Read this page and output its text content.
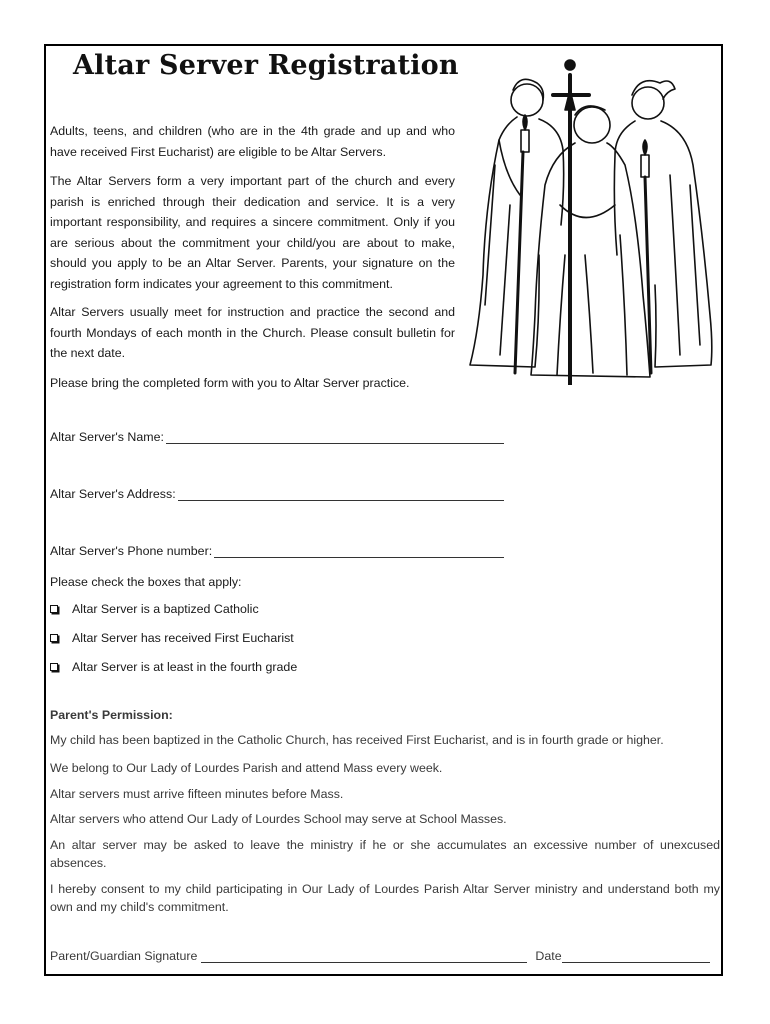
Altar Server Registration

Adults, teens, and children (who are in the 4th grade and up and who have received First Eucharist) are eligible to be Altar Servers.

The Altar Servers form a very important part of the church and every parish is enriched through their dedication and service. It is a very important responsibility, and requires a sincere commitment. Only if you are serious about the commitment your child/you are about to make, should you apply to be an Altar Server. Parents, your signature on the registration form indicates your agreement to this commitment.

Altar Servers usually meet for instruction and practice the second and fourth Mondays of each month in the Church. Please consult bulletin for the next date.

Please bring the completed form with you to Altar Server practice.

Altar Server's Name:
Altar Server's Address:
Altar Server's Phone number:

Please check the boxes that apply:

Altar Server is a baptized Catholic
Altar Server has received First Eucharist
Altar Server is at least in the fourth grade

Parent's Permission:

My child has been baptized in the Catholic Church, has received First Eucharist, and is in fourth grade or higher.

We belong to Our Lady of Lourdes Parish and attend Mass every week.

Altar servers must arrive fifteen minutes before Mass.

Altar servers who attend Our Lady of Lourdes School may serve at School Masses.

An altar server may be asked to leave the ministry if he or she accumulates an excessive number of unexcused absences.

I hereby consent to my child participating in Our Lady of Lourdes Parish Altar Server ministry and understand both my own and my child's commitment.

Parent/Guardian Signature	Date
